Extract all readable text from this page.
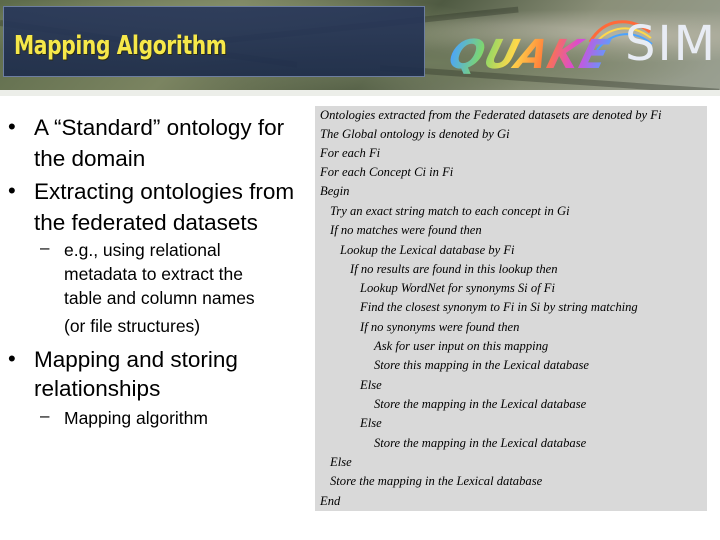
Mapping Algorithm	QUAKE SIM
• A “Standard” ontology for
the domain
• Extracting ontologies from
the federated datasets
– e.g., using relational
metadata to extract the
table and column names
(or file structures)
• Mapping and storing
relationships
– Mapping algorithm
Ontologies extracted from the Federated datasets are denoted by Fi
The Global ontology is denoted by Gi
For each Fi
For each Concept Ci in Fi
Begin
Try an exact string match to each concept in Gi
If no matches were found then
Lookup the Lexical database by Fi
If no results are found in this lookup then
Lookup WordNet for synonyms Si of Fi
Find the closest synonym to Fi in Si by string matching
If no synonyms were found then
Ask for user input on this mapping
Store this mapping in the Lexical database
Else
Store the mapping in the Lexical database
Else
Store the mapping in the Lexical database
Else
Store the mapping in the Lexical database
End
